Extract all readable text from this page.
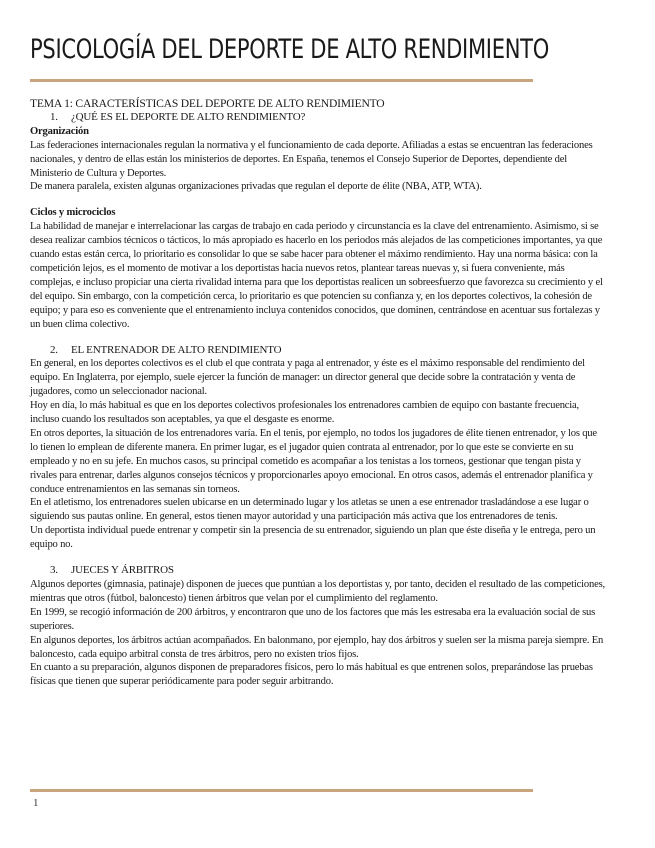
PSICOLOGÍA DEL DEPORTE DE ALTO RENDIMIENTO

TEMA 1: CARACTERÍSTICAS DEL DEPORTE DE ALTO RENDIMIENTO

1. ¿QUÉ ES EL DEPORTE DE ALTO RENDIMIENTO?

Organización

Las federaciones internacionales regulan la normativa y el funcionamiento de cada deporte. Afiliadas a estas se encuentran las federaciones nacionales, y dentro de ellas están los ministerios de deportes. En España, tenemos el Consejo Superior de Deportes, dependiente del Ministerio de Cultura y Deportes.

De manera paralela, existen algunas organizaciones privadas que regulan el deporte de élite (NBA, ATP, WTA).

Ciclos y microciclos

La habilidad de manejar e interrelacionar las cargas de trabajo en cada periodo y circunstancia es la clave del entrenamiento. Asimismo, si se desea realizar cambios técnicos o tácticos, lo más apropiado es hacerlo en los periodos más alejados de las competiciones importantes, ya que cuando estas están cerca, lo prioritario es consolidar lo que se sabe hacer para obtener el máximo rendimiento. Hay una norma básica: con la competición lejos, es el momento de motivar a los deportistas hacia nuevos retos, plantear tareas nuevas y, si fuera conveniente, más complejas, e incluso propiciar una cierta rivalidad interna para que los deportistas realicen un sobreesfuerzo que favorezca su crecimiento y el del equipo. Sin embargo, con la competición cerca, lo prioritario es que potencien su confianza y, en los deportes colectivos, la cohesión de equipo; y para eso es conveniente que el entrenamiento incluya contenidos conocidos, que dominen, centrándose en acentuar sus fortalezas y un buen clima colectivo.

2. EL ENTRENADOR DE ALTO RENDIMIENTO

En general, en los deportes colectivos es el club el que contrata y paga al entrenador, y éste es el máximo responsable del rendimiento del equipo. En Inglaterra, por ejemplo, suele ejercer la función de manager: un director general que decide sobre la contratación y venta de jugadores, como un seleccionador nacional.

Hoy en día, lo más habitual es que en los deportes colectivos profesionales los entrenadores cambien de equipo con bastante frecuencia, incluso cuando los resultados son aceptables, ya que el desgaste es enorme.

En otros deportes, la situación de los entrenadores varía. En el tenis, por ejemplo, no todos los jugadores de élite tienen entrenador, y los que lo tienen lo emplean de diferente manera. En primer lugar, es el jugador quien contrata al entrenador, por lo que este se convierte en su empleado y no en su jefe. En muchos casos, su principal cometido es acompañar a los tenistas a los torneos, gestionar que tengan pista y rivales para entrenar, darles algunos consejos técnicos y proporcionarles apoyo emocional. En otros casos, además el entrenador planifica y conduce entrenamientos en las semanas sin torneos.

En el atletismo, los entrenadores suelen ubicarse en un determinado lugar y los atletas se unen a ese entrenador trasladándose a ese lugar o siguiendo sus pautas online. En general, estos tienen mayor autoridad y una participación más activa que los entrenadores de tenis.

Un deportista individual puede entrenar y competir sin la presencia de su entrenador, siguiendo un plan que éste diseña y le entrega, pero un equipo no.

3. JUECES Y ÁRBITROS

Algunos deportes (gimnasia, patinaje) disponen de jueces que puntúan a los deportistas y, por tanto, deciden el resultado de las competiciones, mientras que otros (fútbol, baloncesto) tienen árbitros que velan por el cumplimiento del reglamento.

En 1999, se recogió información de 200 árbitros, y encontraron que uno de los factores que más les estresaba era la evaluación social de sus superiores.

En algunos deportes, los árbitros actúan acompañados. En balonmano, por ejemplo, hay dos árbitros y suelen ser la misma pareja siempre. En baloncesto, cada equipo arbitral consta de tres árbitros, pero no existen tríos fijos.

En cuanto a su preparación, algunos disponen de preparadores físicos, pero lo más habitual es que entrenen solos, preparándose las pruebas físicas que tienen que superar periódicamente para poder seguir arbitrando.

1
